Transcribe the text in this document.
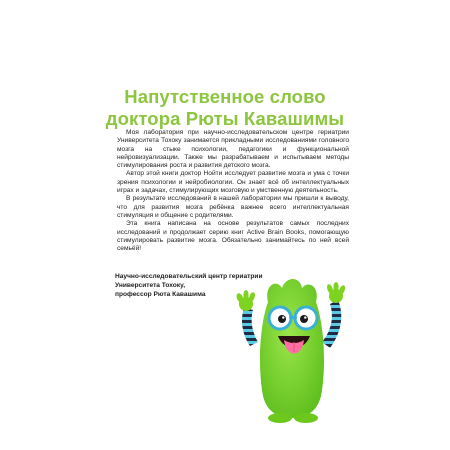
Напутственное слово
доктора Рюты Кавашимы

Моя лаборатория при научно-исследовательском центре гериатрии Университета Тохоку занимается прикладными исследованиями головного мозга на стыке психологии, педагогики и функциональной нейровизуализации. Также мы разрабатываем и испытываем методы стимулирования роста и развития детского мозга.

Автор этой книги доктор Нойти исследует развитие мозга и ума с точки зрения психологии и нейробиологии. Он знает всё об интеллектуальных играх и задачах, стимулирующих мозговую и умственную деятельность.

В результате исследований в нашей лаборатории мы пришли к выводу, что для развития мозга ребёнка важнее всего интеллектуальная стимуляция и общение с родителями.

Эта книга написана на основе результатов самых последних исследований и продолжает серию книг Active Brain Books, помогающую стимулировать развитие мозга. Обязательно занимайтесь по ней всей семьёй!

Научно-исследовательский центр гериатрии
Университета Тохоку,
профессор Рюта Кавашима
